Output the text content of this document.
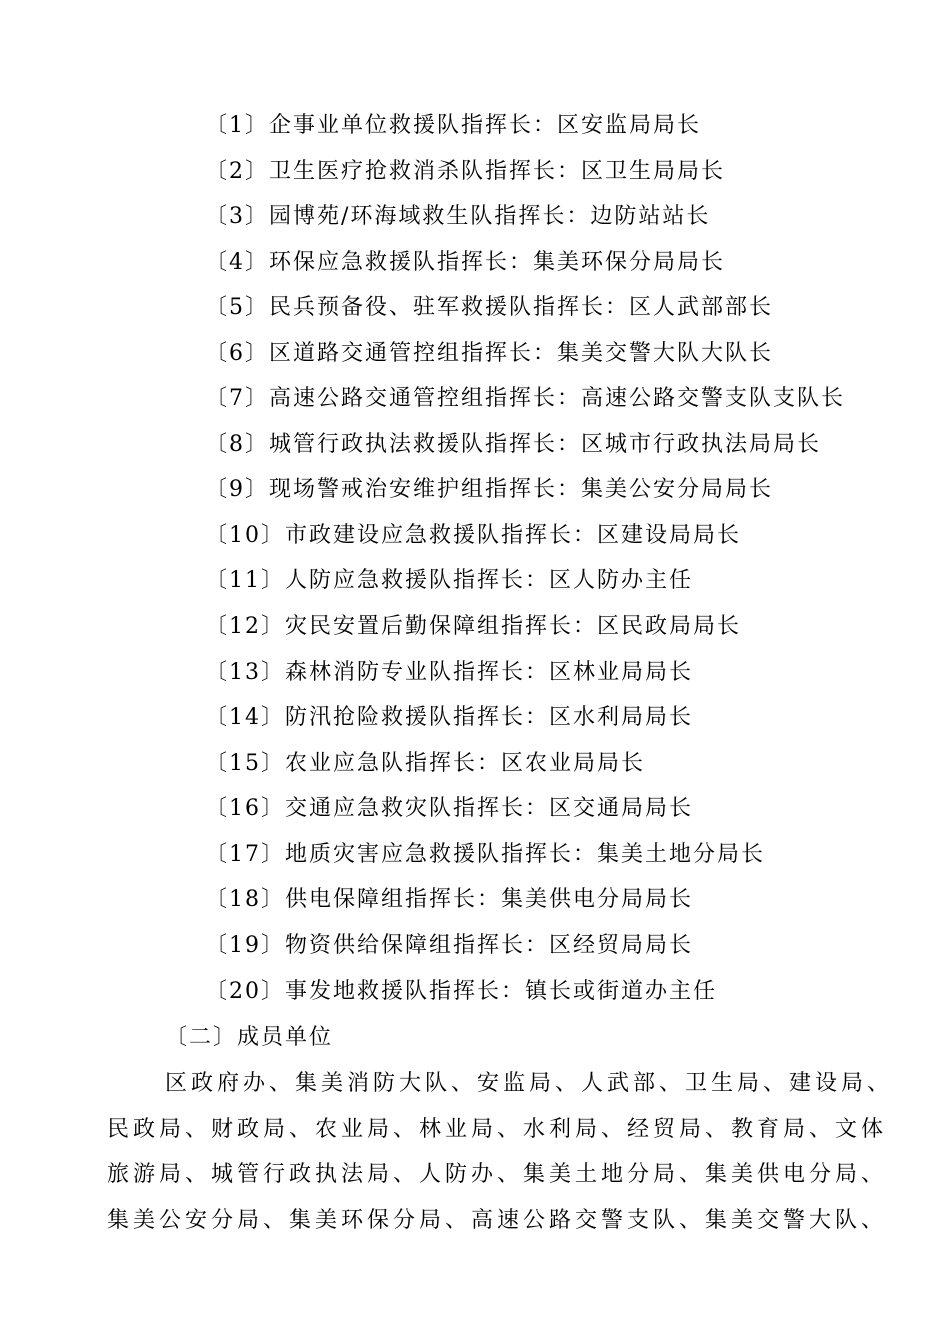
〔1〕企事业单位救援队指挥长：区安监局局长
〔2〕卫生医疗抢救消杀队指挥长：区卫生局局长
〔3〕园博苑/环海域救生队指挥长：边防站站长
〔4〕环保应急救援队指挥长：集美环保分局局长
〔5〕民兵预备役、驻军救援队指挥长：区人武部部长
〔6〕区道路交通管控组指挥长：集美交警大队大队长
〔7〕高速公路交通管控组指挥长：高速公路交警支队支队长
〔8〕城管行政执法救援队指挥长：区城市行政执法局局长
〔9〕现场警戒治安维护组指挥长：集美公安分局局长
〔10〕市政建设应急救援队指挥长：区建设局局长
〔11〕人防应急救援队指挥长：区人防办主任
〔12〕灾民安置后勤保障组指挥长：区民政局局长
〔13〕森林消防专业队指挥长：区林业局局长
〔14〕防汛抢险救援队指挥长：区水利局局长
〔15〕农业应急队指挥长：区农业局局长
〔16〕交通应急救灾队指挥长：区交通局局长
〔17〕地质灾害应急救援队指挥长：集美土地分局长
〔18〕供电保障组指挥长：集美供电分局局长
〔19〕物资供给保障组指挥长：区经贸局局长
〔20〕事发地救援队指挥长：镇长或街道办主任
〔二〕成员单位
区政府办、集美消防大队、安监局、人武部、卫生局、建设局、
民政局、财政局、农业局、林业局、水利局、经贸局、教育局、文体
旅游局、城管行政执法局、人防办、集美土地分局、集美供电分局、
集美公安分局、集美环保分局、高速公路交警支队、集美交警大队、
